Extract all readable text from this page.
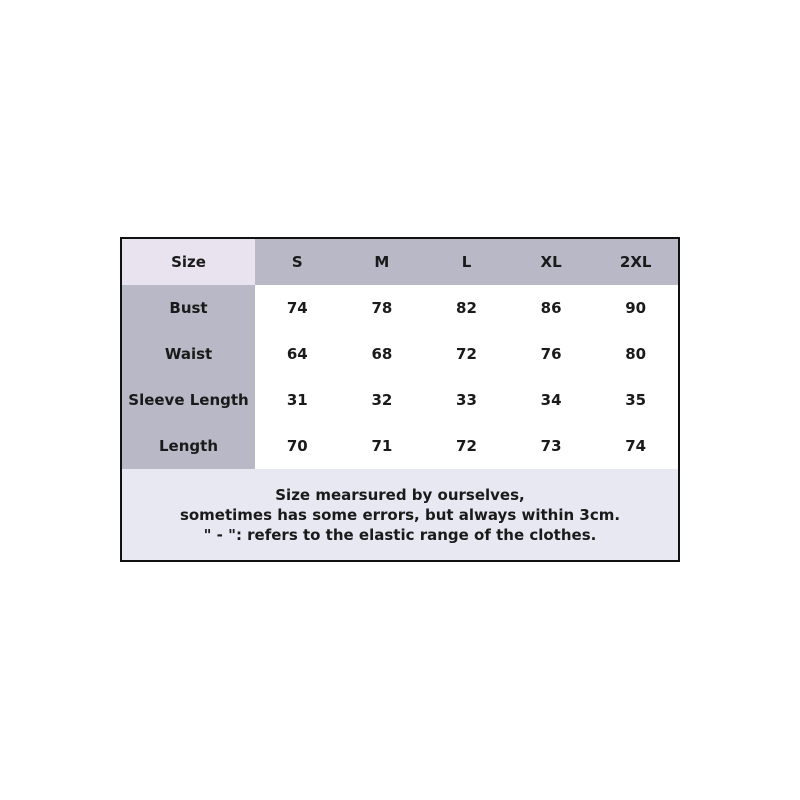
Size	S	M	L	XL	2XL
Bust	74	78	82	86	90
Waist	64	68	72	76	80
Sleeve Length	31	32	33	34	35
Length	70	71	72	73	74
Size mearsured by ourselves,
sometimes has some errors, but always within 3cm.
" - ": refers to the elastic range of the clothes.
